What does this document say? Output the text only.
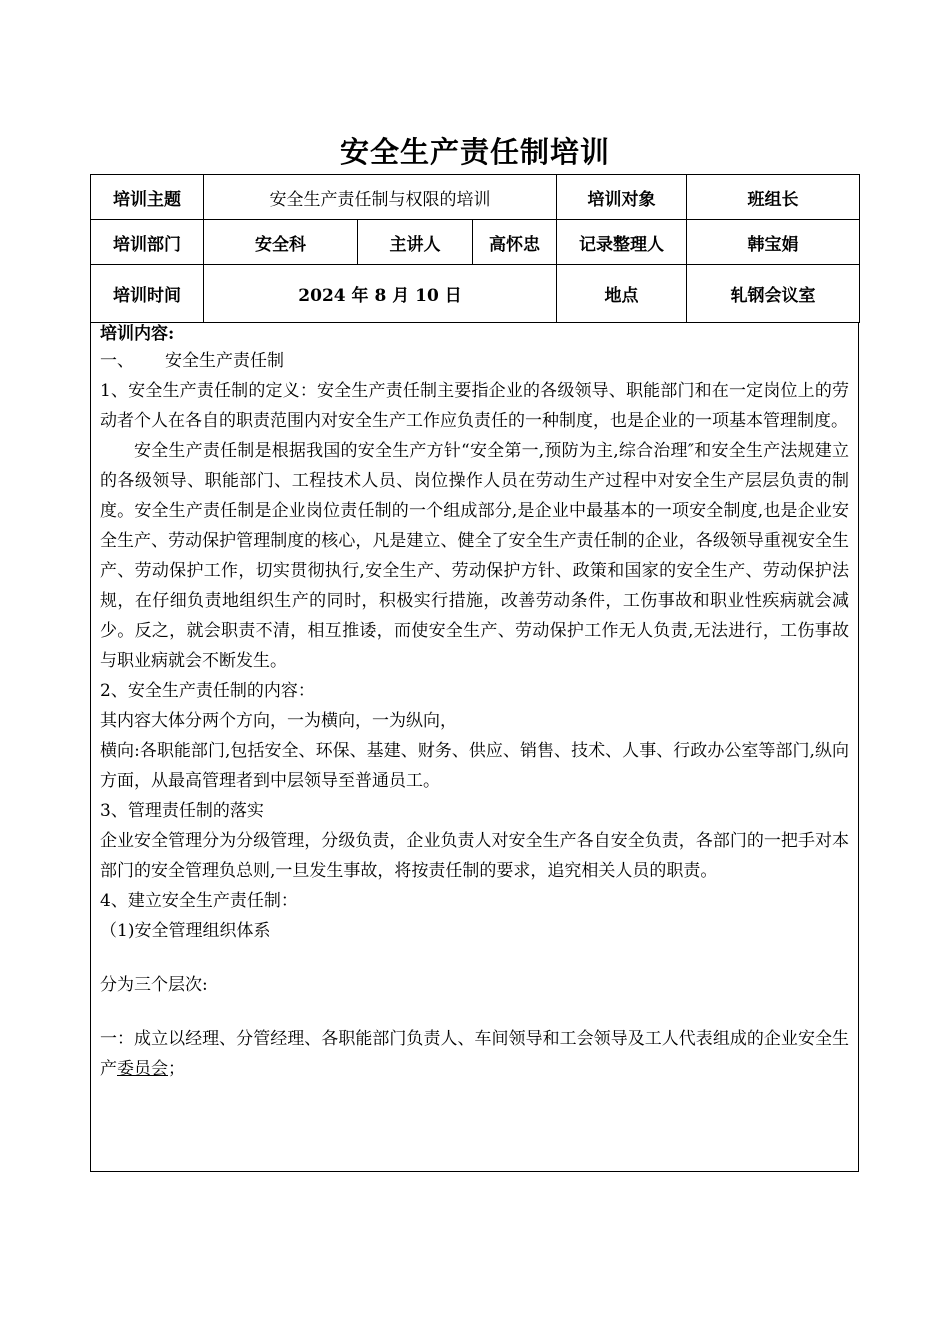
安全生产责任制培训
培训主题	安全生产责任制与权限的培训			培训对象	班组长
培训部门	安全科	主讲人	高怀忠	记录整理人	韩宝娟
培训时间	2024 年 8 月 10 日			地点	轧钢会议室

培训内容:

一、	安全生产责任制

1、安全生产责任制的定义：安全生产责任制主要指企业的各级领导、职能部门和在一定岗位上的劳动者个人在各自的职责范围内对安全生产工作应负责任的一种制度，也是企业的一项基本管理制度。

安全生产责任制是根据我国的安全生产方针“安全第一,预防为主,综合治理″和安全生产法规建立的各级领导、职能部门、工程技术人员、岗位操作人员在劳动生产过程中对安全生产层层负责的制度。安全生产责任制是企业岗位责任制的一个组成部分,是企业中最基本的一项安全制度,也是企业安全生产、劳动保护管理制度的核心，凡是建立、健全了安全生产责任制的企业，各级领导重视安全生产、劳动保护工作，切实贯彻执行,安全生产、劳动保护方针、政策和国家的安全生产、劳动保护法规，在仔细负责地组织生产的同时，积极实行措施，改善劳动条件，工伤事故和职业性疾病就会减少。反之，就会职责不清，相互推诿，而使安全生产、劳动保护工作无人负责,无法进行，工伤事故与职业病就会不断发生。

2、安全生产责任制的内容：

其内容大体分两个方向，一为横向，一为纵向，

横向:各职能部门,包括安全、环保、基建、财务、供应、销售、技术、人事、行政办公室等部门,纵向方面，从最高管理者到中层领导至普通员工。

3、管理责任制的落实

企业安全管理分为分级管理，分级负责，企业负责人对安全生产各自安全负责，各部门的一把手对本部门的安全管理负总则,一旦发生事故，将按责任制的要求，追究相关人员的职责。

4、建立安全生产责任制：

（1)安全管理组织体系

分为三个层次:

一：成立以经理、分管经理、各职能部门负责人、车间领导和工会领导及工人代表组成的企业安全生产委员会；
